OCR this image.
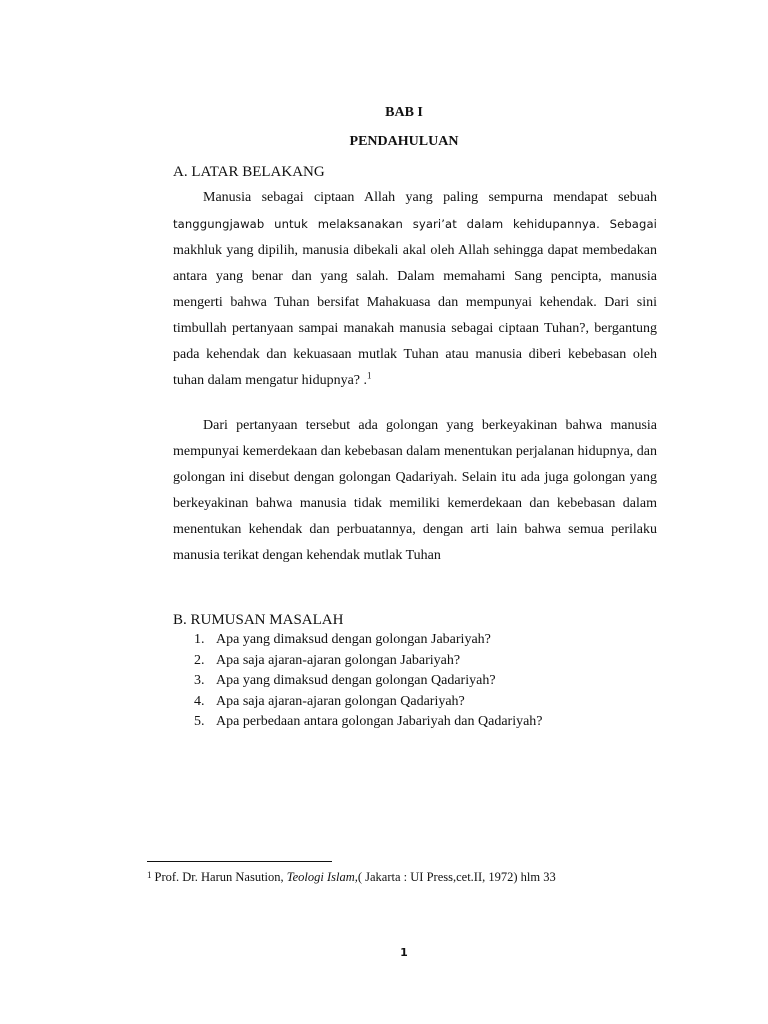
BAB I

PENDAHULUAN

A. LATAR BELAKANG

Manusia sebagai ciptaan Allah yang paling sempurna mendapat sebuah tanggungjawab untuk melaksanakan syari’at dalam kehidupannya. Sebagai makhluk yang dipilih, manusia dibekali akal oleh Allah sehingga dapat membedakan antara yang benar dan yang salah. Dalam memahami Sang pencipta, manusia mengerti bahwa Tuhan bersifat Mahakuasa dan mempunyai kehendak. Dari sini timbullah pertanyaan sampai manakah manusia sebagai ciptaan Tuhan?, bergantung pada kehendak dan kekuasaan mutlak Tuhan atau manusia diberi kebebasan oleh tuhan dalam mengatur hidupnya? .$^1$

Dari pertanyaan tersebut ada golongan yang berkeyakinan bahwa manusia mempunyai kemerdekaan dan kebebasan dalam menentukan perjalanan hidupnya, dan golongan ini disebut dengan golongan Qadariyah. Selain itu ada juga golongan yang berkeyakinan bahwa manusia tidak memiliki kemerdekaan dan kebebasan dalam menentukan kehendak dan perbuatannya, dengan arti lain bahwa semua perilaku manusia terikat dengan kehendak mutlak Tuhan

B. RUMUSAN MASALAH

1. Apa yang dimaksud dengan golongan Jabariyah?
2. Apa saja ajaran-ajaran golongan Jabariyah?
3. Apa yang dimaksud dengan golongan Qadariyah?
4. Apa saja ajaran-ajaran golongan Qadariyah?
5. Apa perbedaan antara golongan Jabariyah dan Qadariyah?

$^1$ Prof. Dr. Harun Nasution, Teologi Islam,( Jakarta : UI Press,cet.II, 1972) hlm 33

1
